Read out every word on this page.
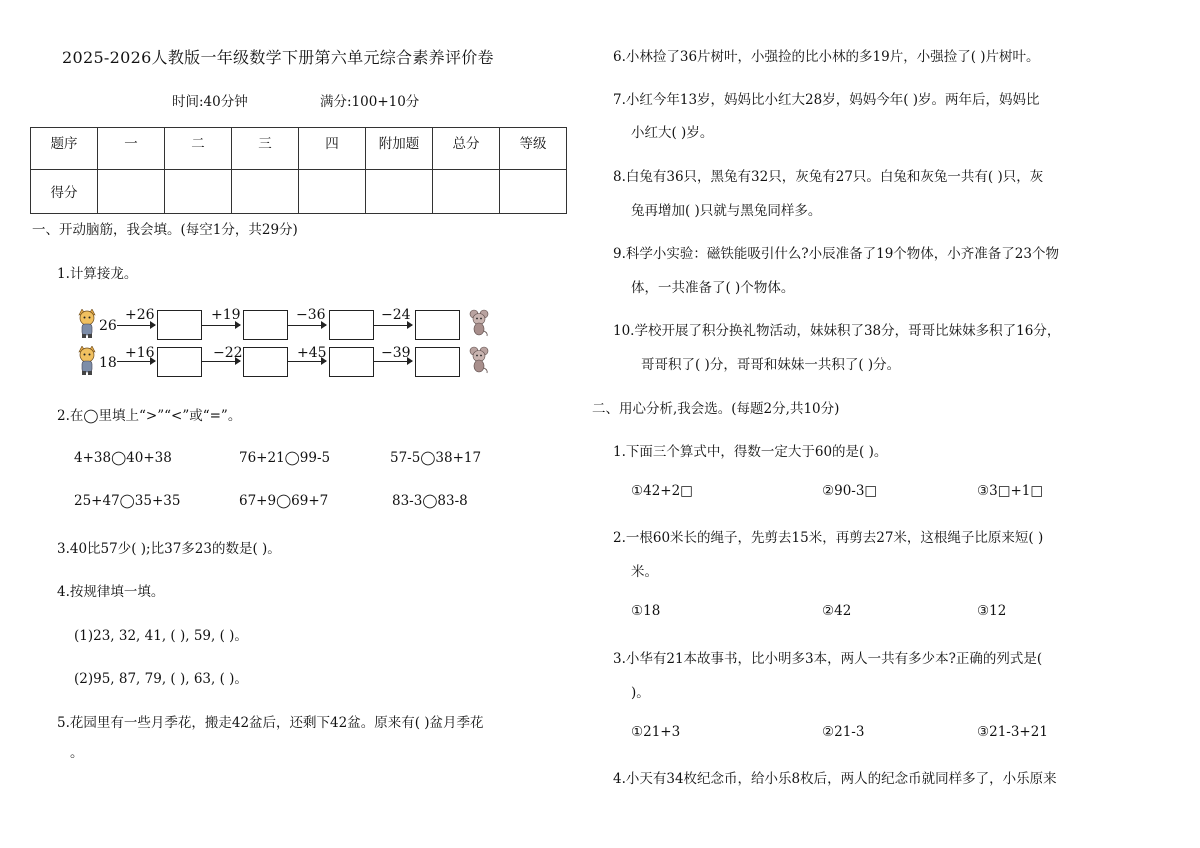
2025-2026人教版一年级数学下册第六单元综合素养评价卷
时间:40分钟	满分:100+10分
题序	一	二	三	四	附加题	总分	等级
得分							
一、开动脑筋，我会填。(每空1分，共29分)
1.计算接龙。
26
+26	+19	−36	−24
18
+16	−22	+45	−39
2.在◯里填上“>”“<”或“=”。
4+38◯40+38	76+21◯99-5	57-5◯38+17
25+47◯35+35	67+9◯69+7	83-3◯83-8
3.40比57少( );比37多23的数是( )。
4.按规律填一填。
(1)23, 32, 41, ( ), 59, ( )。
(2)95, 87, 79, ( ), 63, ( )。
5.花园里有一些月季花，搬走42盆后，还剩下42盆。原来有( )盆月季花
。
6.小林捡了36片树叶，小强捡的比小林的多19片，小强捡了( )片树叶。
7.小红今年13岁，妈妈比小红大28岁，妈妈今年( )岁。两年后，妈妈比
小红大( )岁。
8.白兔有36只，黑兔有32只，灰兔有27只。白兔和灰兔一共有( )只，灰
兔再增加( )只就与黑兔同样多。
9.科学小实验：磁铁能吸引什么?小辰准备了19个物体，小齐准备了23个物
体，一共准备了( )个物体。
10.学校开展了积分换礼物活动，妹妹积了38分，哥哥比妹妹多积了16分，
哥哥积了( )分，哥哥和妹妹一共积了( )分。
二、用心分析,我会选。(每题2分,共10分)
1.下面三个算式中，得数一定大于60的是( )。
①42+2□	②90-3□	③3□+1□
2.一根60米长的绳子，先剪去15米，再剪去27米，这根绳子比原来短( )
米。
①18	②42	③12
3.小华有21本故事书，比小明多3本，两人一共有多少本?正确的列式是(
)。
①21+3	②21-3	③21-3+21
4.小天有34枚纪念币，给小乐8枚后，两人的纪念币就同样多了，小乐原来
